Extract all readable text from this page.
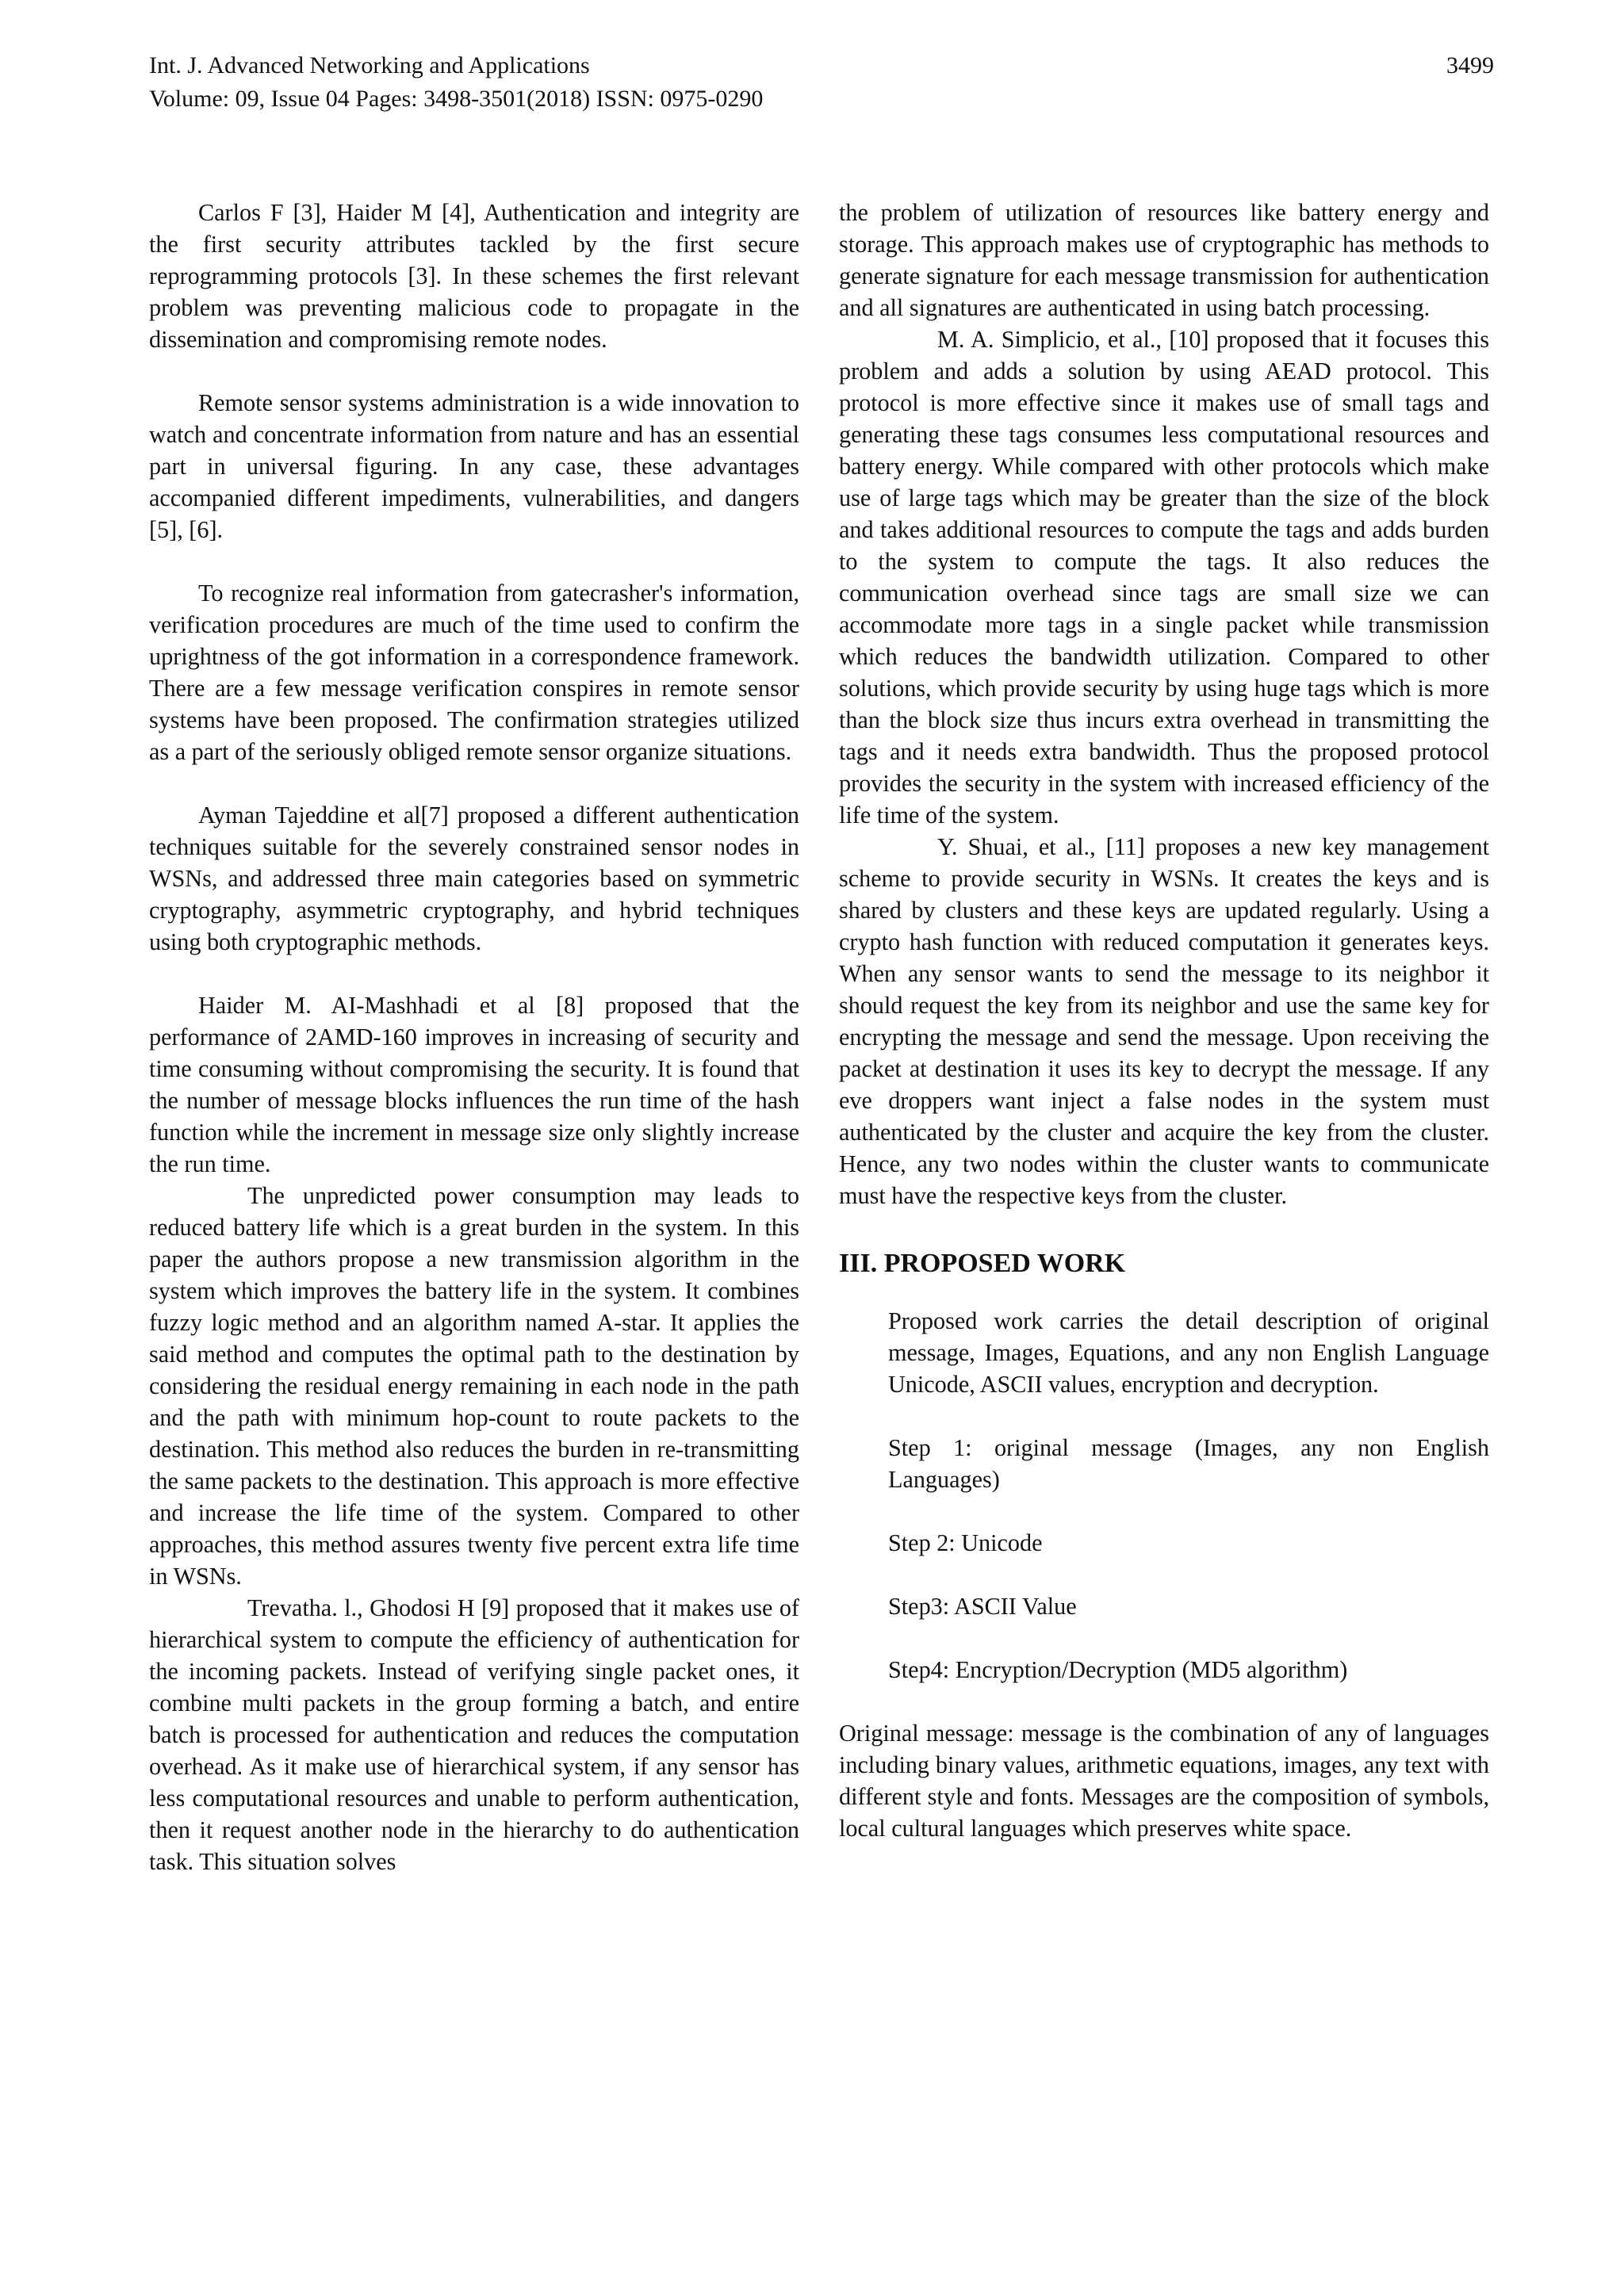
Int. J. Advanced Networking and Applications
Volume: 09, Issue 04 Pages: 3498-3501(2018) ISSN: 0975-0290
3499

Carlos F [3], Haider M [4], Authentication and integrity are the first security attributes tackled by the first secure reprogramming protocols [3]. In these schemes the first relevant problem was preventing malicious code to propagate in the dissemination and compromising remote nodes.

Remote sensor systems administration is a wide innovation to watch and concentrate information from nature and has an essential part in universal figuring. In any case, these advantages accompanied different impediments, vulnerabilities, and dangers [5], [6].

To recognize real information from gatecrasher's information, verification procedures are much of the time used to confirm the uprightness of the got information in a correspondence framework. There are a few message verification conspires in remote sensor systems have been proposed. The confirmation strategies utilized as a part of the seriously obliged remote sensor organize situations.

Ayman Tajeddine et al[7] proposed a different authentication techniques suitable for the severely constrained sensor nodes in WSNs, and addressed three main categories based on symmetric cryptography, asymmetric cryptography, and hybrid techniques using both cryptographic methods.

Haider M. AI-Mashhadi et al [8] proposed that the performance of 2AMD-160 improves in increasing of security and time consuming without compromising the security. It is found that the number of message blocks influences the run time of the hash function while the increment in message size only slightly increase the run time.

The unpredicted power consumption may leads to reduced battery life which is a great burden in the system. In this paper the authors propose a new transmission algorithm in the system which improves the battery life in the system. It combines fuzzy logic method and an algorithm named A-star. It applies the said method and computes the optimal path to the destination by considering the residual energy remaining in each node in the path and the path with minimum hop-count to route packets to the destination. This method also reduces the burden in re-transmitting the same packets to the destination. This approach is more effective and increase the life time of the system. Compared to other approaches, this method assures twenty five percent extra life time in WSNs.

Trevatha. l., Ghodosi H [9] proposed that it makes use of hierarchical system to compute the efficiency of authentication for the incoming packets. Instead of verifying single packet ones, it combine multi packets in the group forming a batch, and entire batch is processed for authentication and reduces the computation overhead. As it make use of hierarchical system, if any sensor has less computational resources and unable to perform authentication, then it request another node in the hierarchy to do authentication task. This situation solves

the problem of utilization of resources like battery energy and storage. This approach makes use of cryptographic has methods to generate signature for each message transmission for authentication and all signatures are authenticated in using batch processing.

M. A. Simplicio, et al., [10] proposed that it focuses this problem and adds a solution by using AEAD protocol. This protocol is more effective since it makes use of small tags and generating these tags consumes less computational resources and battery energy. While compared with other protocols which make use of large tags which may be greater than the size of the block and takes additional resources to compute the tags and adds burden to the system to compute the tags. It also reduces the communication overhead since tags are small size we can accommodate more tags in a single packet while transmission which reduces the bandwidth utilization. Compared to other solutions, which provide security by using huge tags which is more than the block size thus incurs extra overhead in transmitting the tags and it needs extra bandwidth. Thus the proposed protocol provides the security in the system with increased efficiency of the life time of the system.

Y. Shuai, et al., [11] proposes a new key management scheme to provide security in WSNs. It creates the keys and is shared by clusters and these keys are updated regularly. Using a crypto hash function with reduced computation it generates keys. When any sensor wants to send the message to its neighbor it should request the key from its neighbor and use the same key for encrypting the message and send the message. Upon receiving the packet at destination it uses its key to decrypt the message. If any eve droppers want inject a false nodes in the system must authenticated by the cluster and acquire the key from the cluster. Hence, any two nodes within the cluster wants to communicate must have the respective keys from the cluster.

III. PROPOSED WORK

Proposed work carries the detail description of original message, Images, Equations, and any non English Language Unicode, ASCII values, encryption and decryption.

Step 1: original message (Images, any non English Languages)

Step 2: Unicode

Step3: ASCII Value

Step4: Encryption/Decryption (MD5 algorithm)

Original message: message is the combination of any of languages including binary values, arithmetic equations, images, any text with different style and fonts. Messages are the composition of symbols, local cultural languages which preserves white space.
